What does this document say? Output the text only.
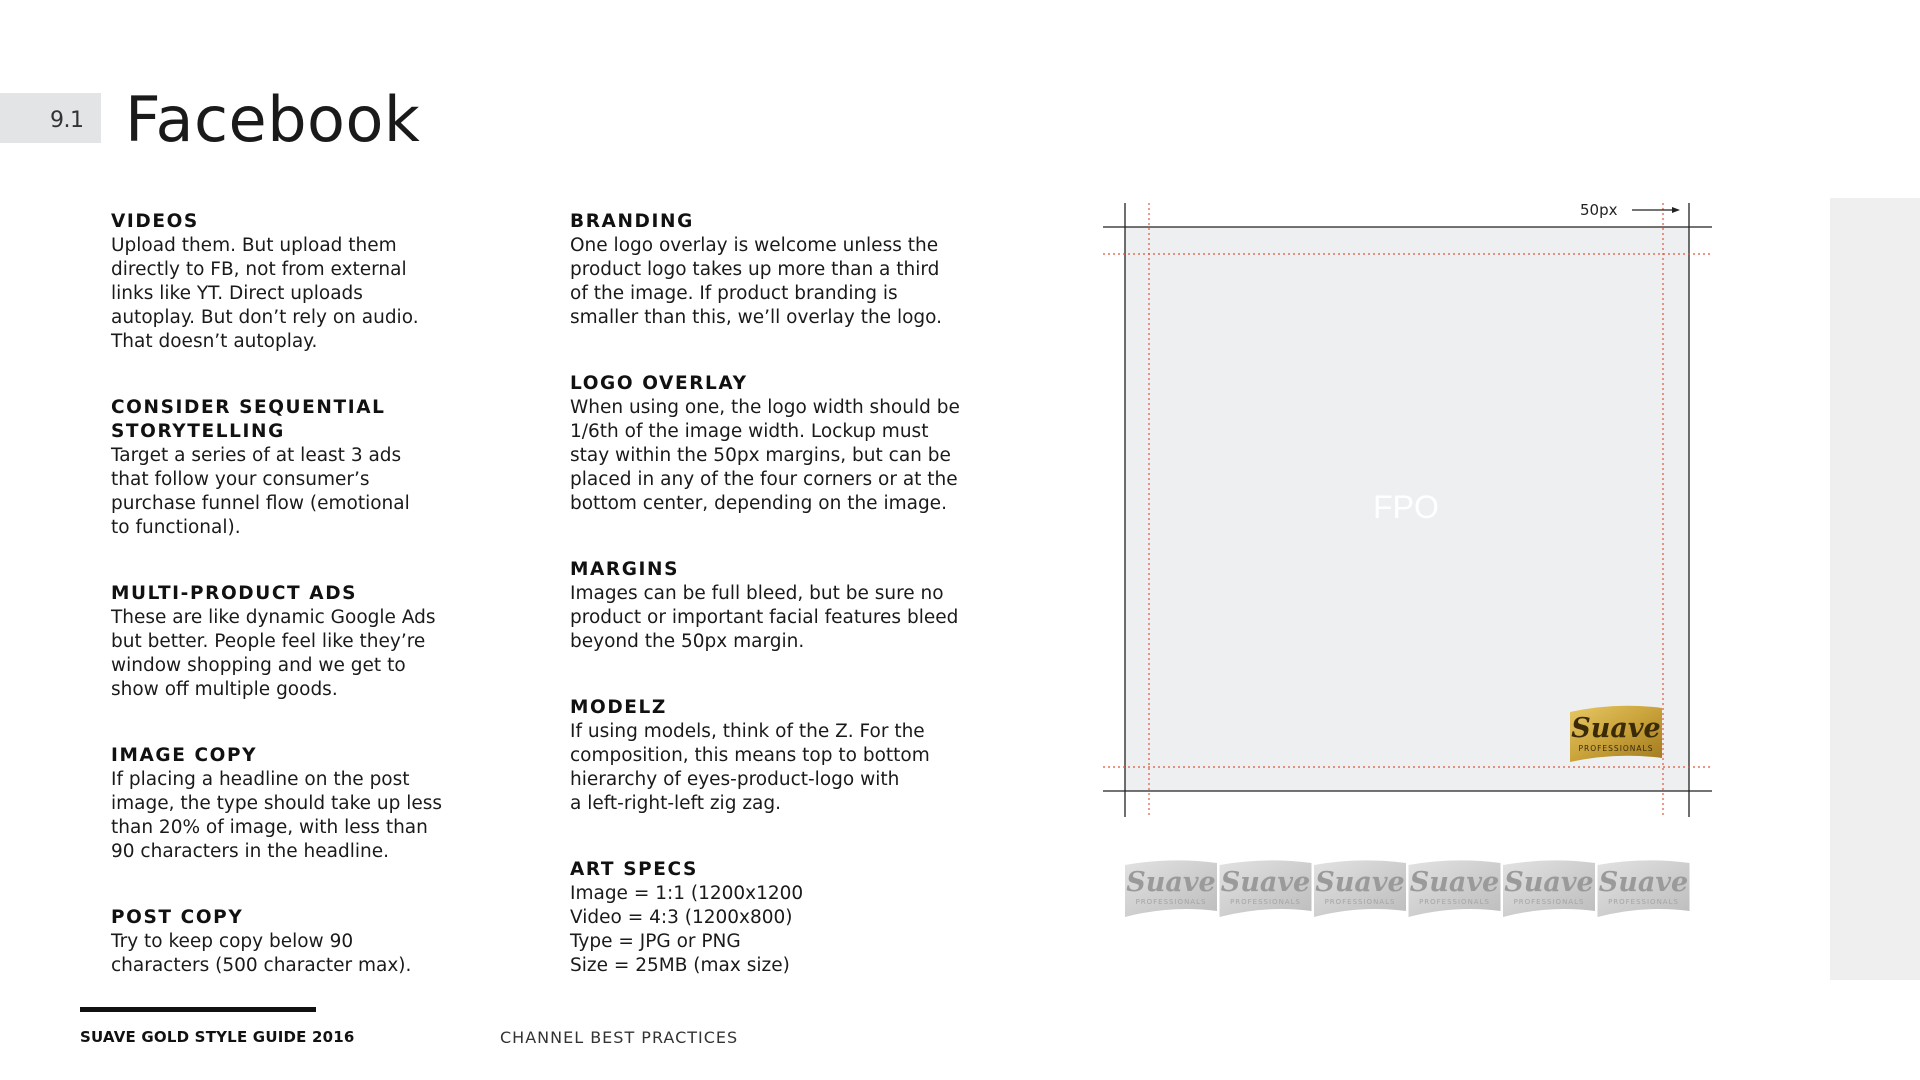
9.1 Facebook
VIDEOS
Upload them. But upload them
directly to FB, not from external
links like YT. Direct uploads
autoplay. But don’t rely on audio.
That doesn’t autoplay.
CONSIDER SEQUENTIAL
STORYTELLING
Target a series of at least 3 ads
that follow your consumer’s
purchase funnel flow (emotional
to functional).
MULTI-PRODUCT ADS
These are like dynamic Google Ads
but better. People feel like they’re
window shopping and we get to
show off multiple goods.
IMAGE COPY
If placing a headline on the post
image, the type should take up less
than 20% of image, with less than
90 characters in the headline.
POST COPY
Try to keep copy below 90
characters (500 character max).
BRANDING
One logo overlay is welcome unless the
product logo takes up more than a third
of the image. If product branding is
smaller than this, we’ll overlay the logo.
LOGO OVERLAY
When using one, the logo width should be
1/6th of the image width. Lockup must
stay within the 50px margins, but can be
placed in any of the four corners or at the
bottom center, depending on the image.
MARGINS
Images can be full bleed, but be sure no
product or important facial features bleed
beyond the 50px margin.
MODELZ
If using models, think of the Z. For the
composition, this means top to bottom
hierarchy of eyes-product-logo with
a left-right-left zig zag.
ART SPECS
Image = 1:1 (1200x1200
Video = 4:3 (1200x800)
Type = JPG or PNG
Size = 25MB (max size)
50px
FPO
Suave
PROFESSIONALS
Suave
PROFESSIONALS
Suave
PROFESSIONALS
Suave
PROFESSIONALS
Suave
PROFESSIONALS
Suave
PROFESSIONALS
Suave
PROFESSIONALS
SUAVE GOLD STYLE GUIDE 2016	CHANNEL BEST PRACTICES
